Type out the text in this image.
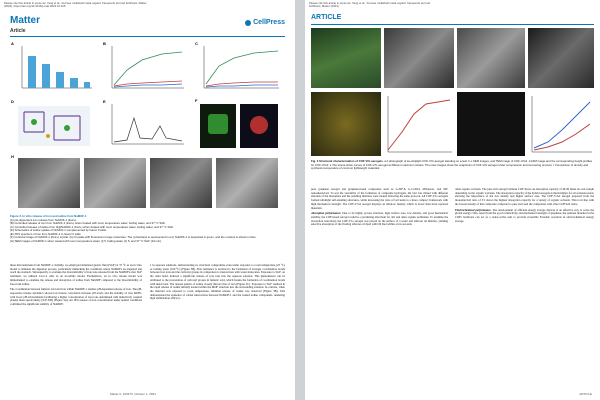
Please cite this article in press as: Yang et al., Ferrous multishell metal organic framework as food fortificant, Matter (2023), https://doi.org/10.1016/j.matt.2023.10.015
Matter
Article
CellPress
A	B	C
D	E	F
H
Figure 3. In vitro release of iron and iodine from NuMOF-1
(A) pH-dependent iron release from NuMOF-1 (Fe2+).
(B) Controlled release of iron from NuMOF-1 (Fe2+) when treated with room temperature water, boiling water, and 37 °C SGF.
(C) Controlled release of iodine from I2@NuMOF-1 (Fe2+) when treated with room temperature water, boiling water, and 37 °C SGF.
(D) Schematics of iodine uptake of NuMOF-1 complemented by Gavor II salts.
(E) XPS spectrum of iron from NuMOF-1 in Gavor II salts.
(F) Confocal image of NuMOF-1 (Fe2+) crystal. (G) Crystals with fluorescent range molecules. The cyclophane is represented in red, NuMOF-1 is deposited in green, and the nucleus is shown in blue.
(H) SEM images of NuMOF-1 when treated with room temperature water (I) 5, boiling water (J) 5, and 37 °C SGF (10 min).

these micronutrients from NuMOF-1. Initially, we employed simulated gastric fluid (SGF) at 37 °C as an in vitro model to simulate the digestion process, particularly mimicking the conditions where NuMOFs are ingested and reach the stomach. Subsequently, to evaluate the bioavailability of iron ions released from the NuMOFs after SGF treatment, we utilized Caco-2 cells as an in-cellulo model. Furthermore, an in vivo mouse model was implemented to examine the release and absorption of iodine from NuMOF compared to the bioavailability of free-form iodine.

The coordination between fumaric acid and iron within NuMOF-1 enables pH-dependent release of iron. The pH-responsive release dynamics showed an inverse correlation between pH levels and the stability of iron MOFs, with lower pH environments facilitating a higher concentration of iron ions determined with inductively coupled plasma mass spectrometry (ICP-MS) (Figure 3A). An 18% release of iron concentration under neutral conditions confirmed the significant stability of NuMOF-

1 in aqueous solutions, demonstrating no structural compromise even under exposure to room temperature (25 °C) or boiling water (100 °C) (Figure 3B). This resilience is ascribed to the formation of stronger coordination bonds between iron ions and the carbonyl groups in comparison to interactions with water molecules. Exposure to SGF, on the other hand, induced a significant release of iron ions into the aqueous solution. This phenomenon can be attributed to the protonation of carboxyl groups in fumaric acid, which breaks the formation of coordination bonds with metal ions. The release pattern of iodine closely mirrors that of iron (Figure 3C). Exposure to SGF resulted in the rapid release of iodine initially loaded within the MOF structure into the surrounding solution. In contrast, when the material was exposed to room temperature, minimal release of iodine was observed (Figure 3B). This demonstrated the existence of robust interactions between NuMOF-1 and the loaded iodine compounds, rendering high stabilization efficacy.

Matter 6, 103373, October 1, 2023
Please cite this article in press as: Yang et al., Ferrous multishell metal organic framework as food fortificant, Matter (2023)
ARTICLE
Fig. 2 Structural characterization of COF-V/G aerogels. a A photograph of as-ultralight COF-V/G aerogel standing on a leaf. b-c SEM images, and TEM image of COF-V/G2. d AFM image and the corresponding height profiles for COF-V/G2. e The stress-strain curves of COF-V/G aerogel at different maximum strains. The inset images show the snapshots of COF-V/G aerogel under compression and recovering process. f Comparison of density and synthesis temperature of common lightweight materials.

pure graphene aerogel and graphene-based composites such as G-ZIF-8, G-Co3O4, MXene/G, and MV nanosheets/GO. To test the versatility of the formation of composite hydrogels, the GO was mixed with different amounts of the monomers and the resulting mixtures were treated following the same protocol. All COF-V/G aerogels formed ultralight self-standing structures, while increasing the ratio of GO leads to a more compact framework with high mechanical strength. The COF-V/G2 aerogel displays an ultralow density, which is lower than most reported materials.

Absorption performance. Due to its highly porous structure, high surface area, low density, and good mechanical stability, the COF-based aerogel could be a promising absorbent for oils and other organic pollutants. To examine the absorption selectivity, the COF-V/G aerogel was placed on the surface of a water and silicone oil mixture, yielding selective absorption of the floating silicone oil dyed with Oil Red within a few seconds.

other organic solvents. The pure rGO aerogel without COF shows an absorption capacity of 46-99 times its own weight depending on the organic solvents. The absorption capacity of the hybrid aerogels is much higher for all solvents tested, showing the importance of the low density and higher surface area. The COF-V/G2 aerogel prepared from the monomer/GO ratio of 3:1 shows the highest absorption capacity for a variety of organic solvents. This is in line with the lowest density of this composite compared to pure rGO and the composites with other COF/GO ratios.

Electrochemical performance. The development of efficient energy storage devices is an effective way to solve the global energy crisis. Apart from the good conductivity and mechanical strength of graphene, the quinone moieties in the COFs backbone can act as a redox-active unit to provide reversible Faradaic reactions in electrochemical energy storage.

ARTICLE
